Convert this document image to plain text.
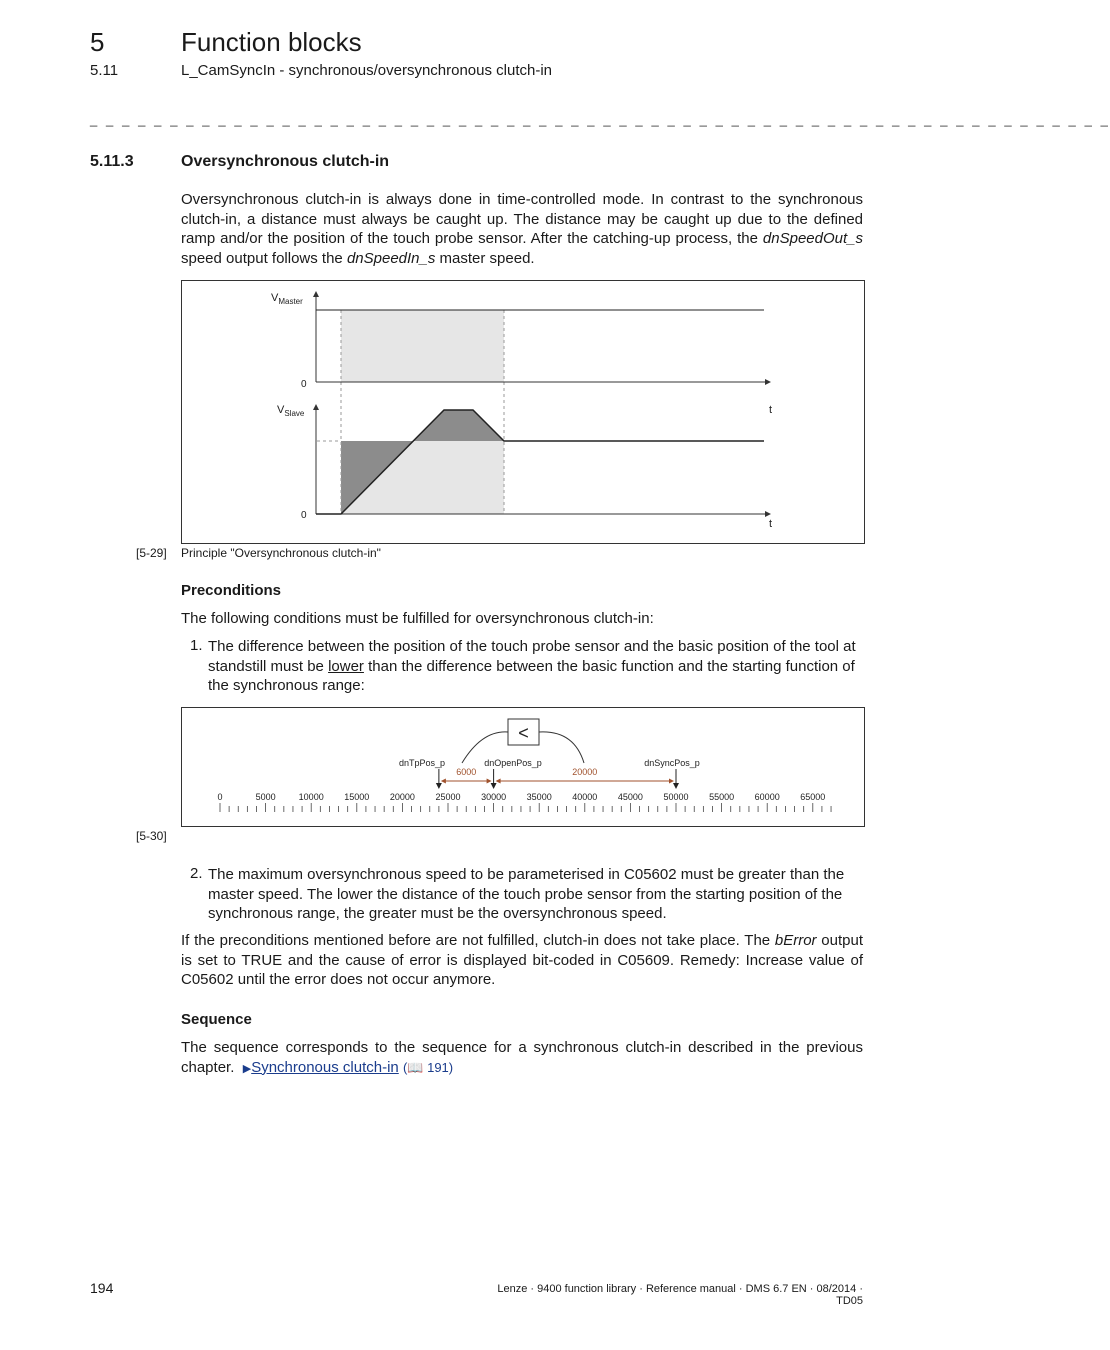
5	Function blocks
5.11	L_CamSyncIn - synchronous/oversynchronous clutch-in
_ _ _ _ _ _ _ _ _ _ _ _ _ _ _ _ _ _ _ _ _ _ _ _ _ _ _ _ _ _ _ _ _ _ _ _ _ _ _ _ _ _ _ _ _ _ _ _ _ _ _ _ _ _ _ _ _ _ _ _ _ _ _ _
5.11.3	Oversynchronous clutch-in
Oversynchronous clutch-in is always done in time-controlled mode. In contrast to the synchronous clutch-in, a distance must always be caught up. The distance may be caught up due to the defined ramp and/or the position of the touch probe sensor. After the catching-up process, the dnSpeedOut_s speed output follows the dnSpeedIn_s master speed.
$V_{Master}$
$V_{Slave}$
0
0
t
t
[5-29] Principle "Oversynchronous clutch-in"
Preconditions
The following conditions must be fulfilled for oversynchronous clutch-in:
1. The difference between the position of the touch probe sensor and the basic position of the tool at standstill must be lower than the difference between the basic function and the starting function of the synchronous range:
<
dnTpPos_p	dnOpenPos_p	dnSyncPos_p
6000	20000
0	5000	10000 15000 20000 25000 30000 35000 40000 45000 50000 55000 60000 65000
[5-30]
2. The maximum oversynchronous speed to be parameterised in C05602 must be greater than the master speed. The lower the distance of the touch probe sensor from the starting position of the synchronous range, the greater must be the oversynchronous speed.
If the preconditions mentioned before are not fulfilled, clutch-in does not take place. The bError output is set to TRUE and the cause of error is displayed bit-coded in C05609. Remedy: Increase value of C05602 until the error does not occur anymore.
Sequence
The sequence corresponds to the sequence for a synchronous clutch-in described in the previous chapter. ▶Synchronous clutch-in (📖 191)
194	Lenze · 9400 function library · Reference manual · DMS 6.7 EN · 08/2014 · TD05
